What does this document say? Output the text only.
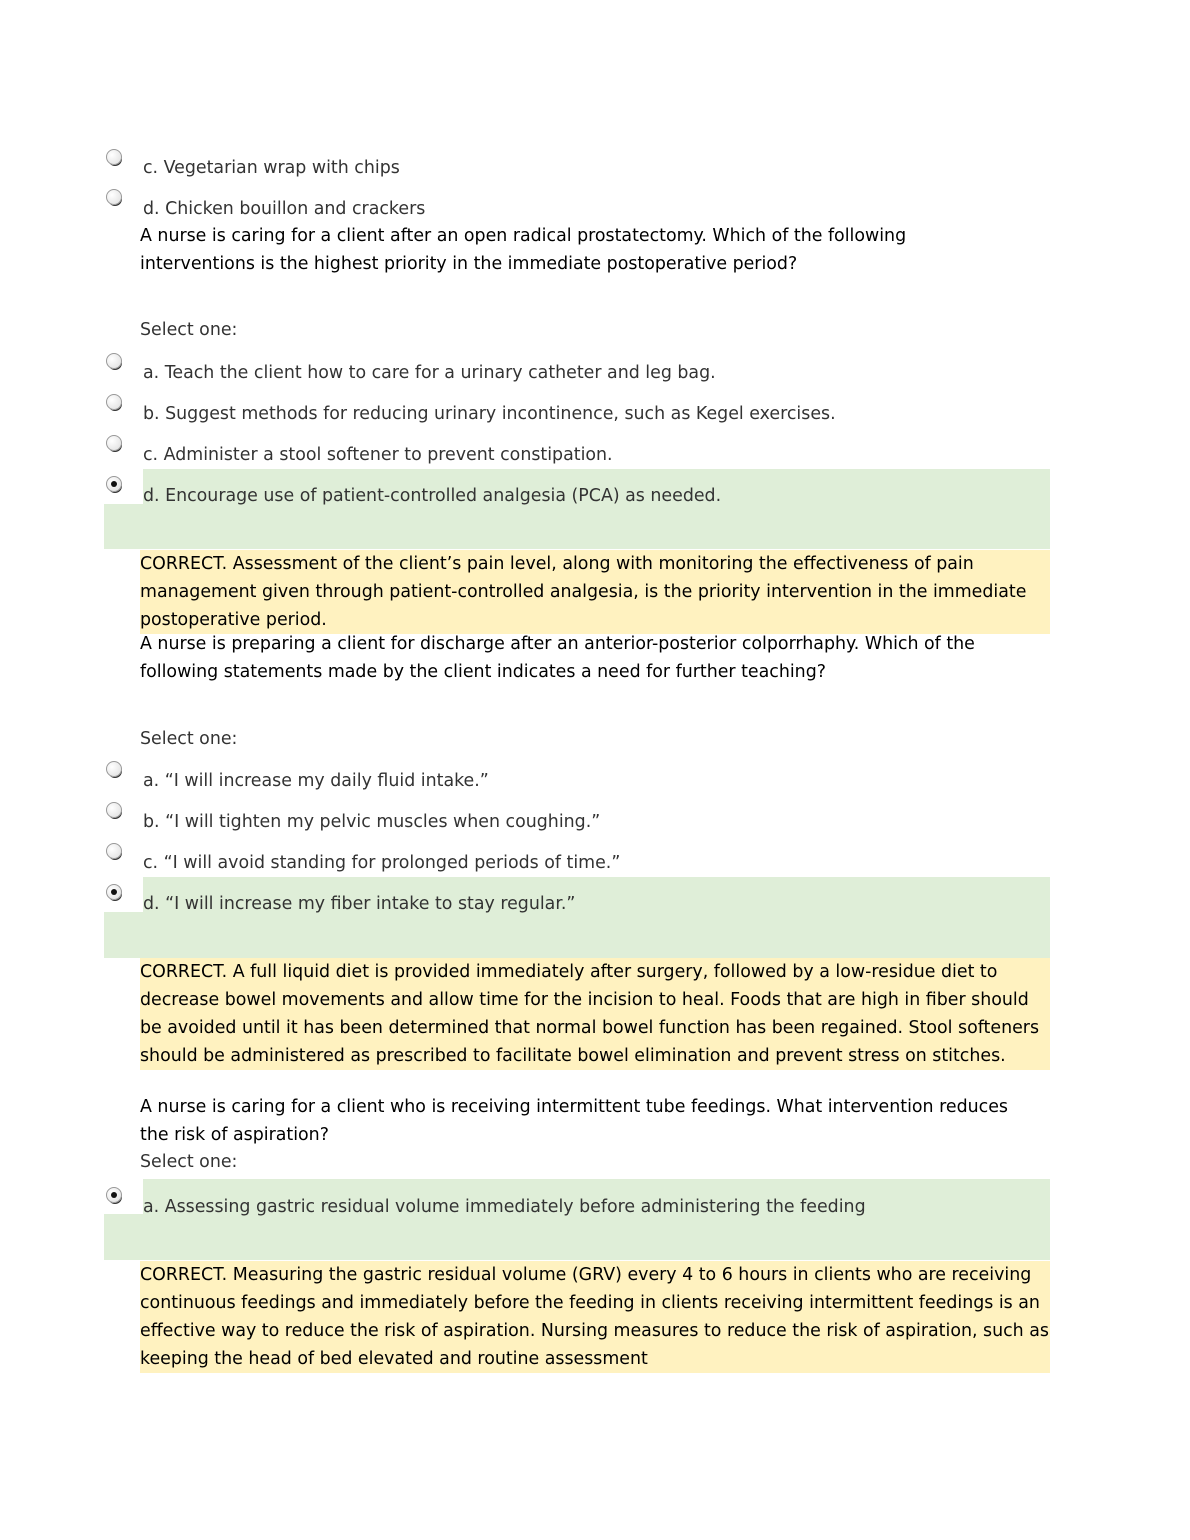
c. Vegetarian wrap with chips
d. Chicken bouillon and crackers
A nurse is caring for a client after an open radical prostatectomy. Which of the following interventions is the highest priority in the immediate postoperative period?
Select one:
a. Teach the client how to care for a urinary catheter and leg bag.
b. Suggest methods for reducing urinary incontinence, such as Kegel exercises.
c. Administer a stool softener to prevent constipation.
d. Encourage use of patient-controlled analgesia (PCA) as needed.
CORRECT. Assessment of the client’s pain level, along with monitoring the effectiveness of pain management given through patient-controlled analgesia, is the priority intervention in the immediate postoperative period.
A nurse is preparing a client for discharge after an anterior-posterior colporrhaphy. Which of the following statements made by the client indicates a need for further teaching?
Select one:
a. “I will increase my daily fluid intake.”
b. “I will tighten my pelvic muscles when coughing.”
c. “I will avoid standing for prolonged periods of time.”
d. “I will increase my fiber intake to stay regular.”
CORRECT. A full liquid diet is provided immediately after surgery, followed by a low-residue diet to decrease bowel movements and allow time for the incision to heal. Foods that are high in fiber should be avoided until it has been determined that normal bowel function has been regained. Stool softeners should be administered as prescribed to facilitate bowel elimination and prevent stress on stitches.
A nurse is caring for a client who is receiving intermittent tube feedings. What intervention reduces the risk of aspiration?
Select one:
a. Assessing gastric residual volume immediately before administering the feeding
CORRECT. Measuring the gastric residual volume (GRV) every 4 to 6 hours in clients who are receiving continuous feedings and immediately before the feeding in clients receiving intermittent feedings is an effective way to reduce the risk of aspiration. Nursing measures to reduce the risk of aspiration, such as keeping the head of bed elevated and routine assessment
